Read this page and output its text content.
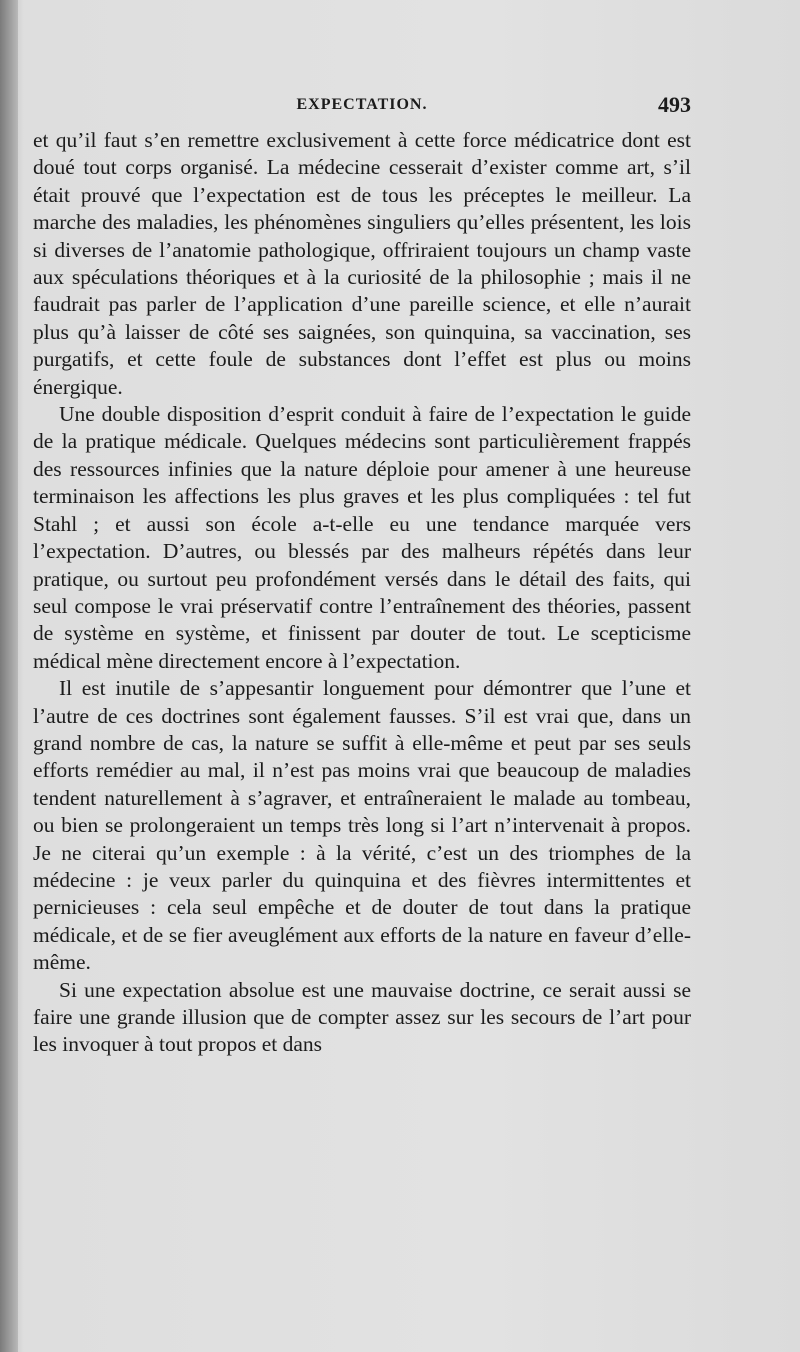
EXPECTATION.	493

et qu’il faut s’en remettre exclusivement à cette force médicatrice dont est doué tout corps organisé. La médecine cesserait d’exister comme art, s’il était prouvé que l’expectation est de tous les préceptes le meilleur. La marche des maladies, les phénomènes singuliers qu’elles présentent, les lois si diverses de l’anatomie pathologique, offriraient toujours un champ vaste aux spéculations théoriques et à la curiosité de la philosophie ; mais il ne faudrait pas parler de l’application d’une pareille science, et elle n’aurait plus qu’à laisser de côté ses saignées, son quinquina, sa vaccination, ses purgatifs, et cette foule de substances dont l’effet est plus ou moins énergique.

Une double disposition d’esprit conduit à faire de l’expectation le guide de la pratique médicale. Quelques médecins sont particulièrement frappés des ressources infinies que la nature déploie pour amener à une heureuse terminaison les affections les plus graves et les plus compliquées : tel fut Stahl ; et aussi son école a-t-elle eu une tendance marquée vers l’expectation. D’autres, ou blessés par des malheurs répétés dans leur pratique, ou surtout peu profondément versés dans le détail des faits, qui seul compose le vrai préservatif contre l’entraînement des théories, passent de système en système, et finissent par douter de tout. Le scepticisme médical mène directement encore à l’expectation.

Il est inutile de s’appesantir longuement pour démontrer que l’une et l’autre de ces doctrines sont également fausses. S’il est vrai que, dans un grand nombre de cas, la nature se suffit à elle-même et peut par ses seuls efforts remédier au mal, il n’est pas moins vrai que beaucoup de maladies tendent naturellement à s’agraver, et entraîneraient le malade au tombeau, ou bien se prolongeraient un temps très long si l’art n’intervenait à propos. Je ne citerai qu’un exemple : à la vérité, c’est un des triomphes de la médecine : je veux parler du quinquina et des fièvres intermittentes et pernicieuses : cela seul empêche et de douter de tout dans la pratique médicale, et de se fier aveuglément aux efforts de la nature en faveur d’elle-même.

Si une expectation absolue est une mauvaise doctrine, ce serait aussi se faire une grande illusion que de compter assez sur les secours de l’art pour les invoquer à tout propos et dans
